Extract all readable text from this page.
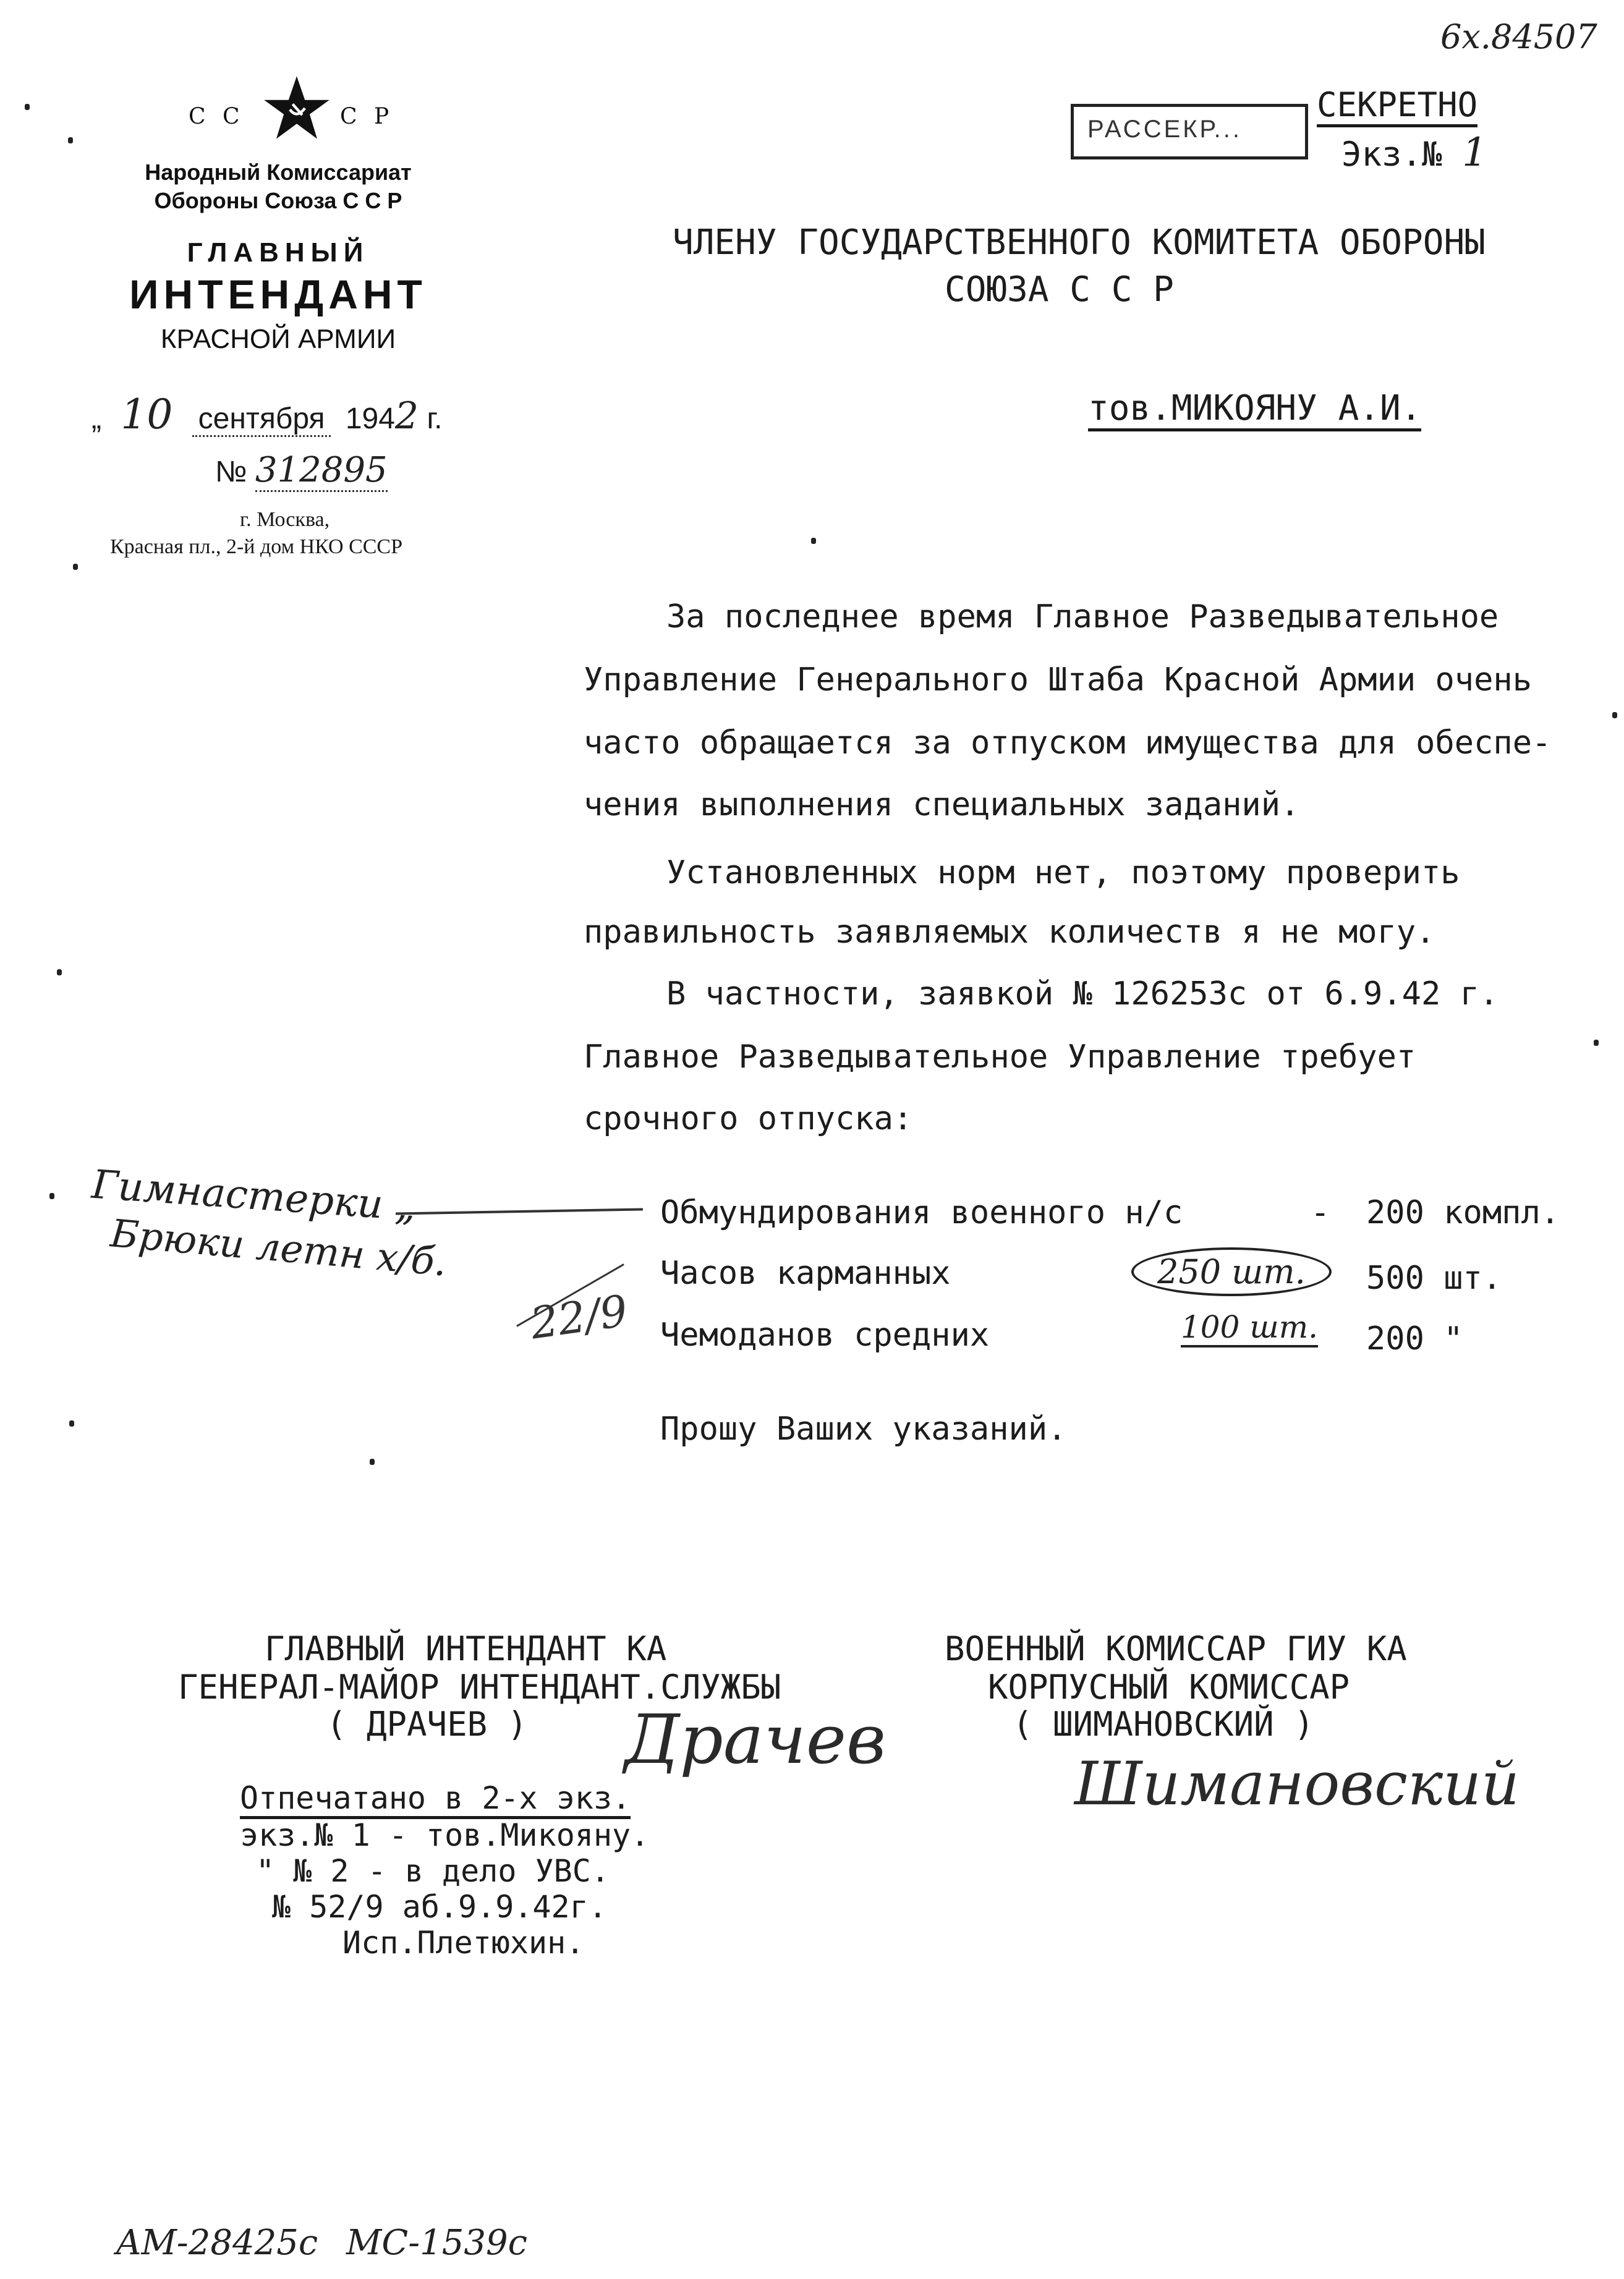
6x.84507
РАССЕКР...
СЕКРЕТНО
Экз.№ 1
С С	С Р
Народный Комиссариат
Обороны Союза С С Р
ГЛАВНЫЙ
ИНТЕНДАНТ
КРАСНОЙ АРМИИ
„ 10 сентября 1942 г.
№ 312895
г. Москва,
Красная пл., 2-й дом НКО СССР
ЧЛЕНУ ГОСУДАРСТВЕННОГО КОМИТЕТА ОБОРОНЫ
СОЮЗА С С Р
тов.МИКОЯНУ А.И.
За последнее время Главное Разведывательное
Управление Генерального Штаба Красной Армии очень
часто обращается за отпуском имущества для обеспе-
чения выполнения специальных заданий.
Установленных норм нет, поэтому проверить
правильность заявляемых количеств я не могу.
В частности, заявкой № 126253с от 6.9.42 г.
Главное Разведывательное Управление требует
срочного отпуска:
Обмундирования военного н/с	- 200 компл.
Часов карманных	250 шт.	500 шт.
Чемоданов средних	100 шт. 200 "
Прошу Ваших указаний.
Гимнастерки „
Брюки летн х/б.
22/9
ГЛАВНЫЙ ИНТЕНДАНТ КА
ГЕНЕРАЛ-МАЙОР ИНТЕНДАНТ.СЛУЖБЫ
( ДРАЧЕВ ) Драчев
ВОЕННЫЙ КОМИССАР ГИУ КА
КОРПУСНЫЙ КОМИССАР
( ШИМАНОВСКИЙ )
Шимановский
Отпечатано в 2-х экз.
экз.№ 1 - тов.Микояну.
" № 2 - в дело УВС.
№ 52/9 аб.9.9.42г.
Исп.Плетюхин.
AM-28425c MC-1539c
